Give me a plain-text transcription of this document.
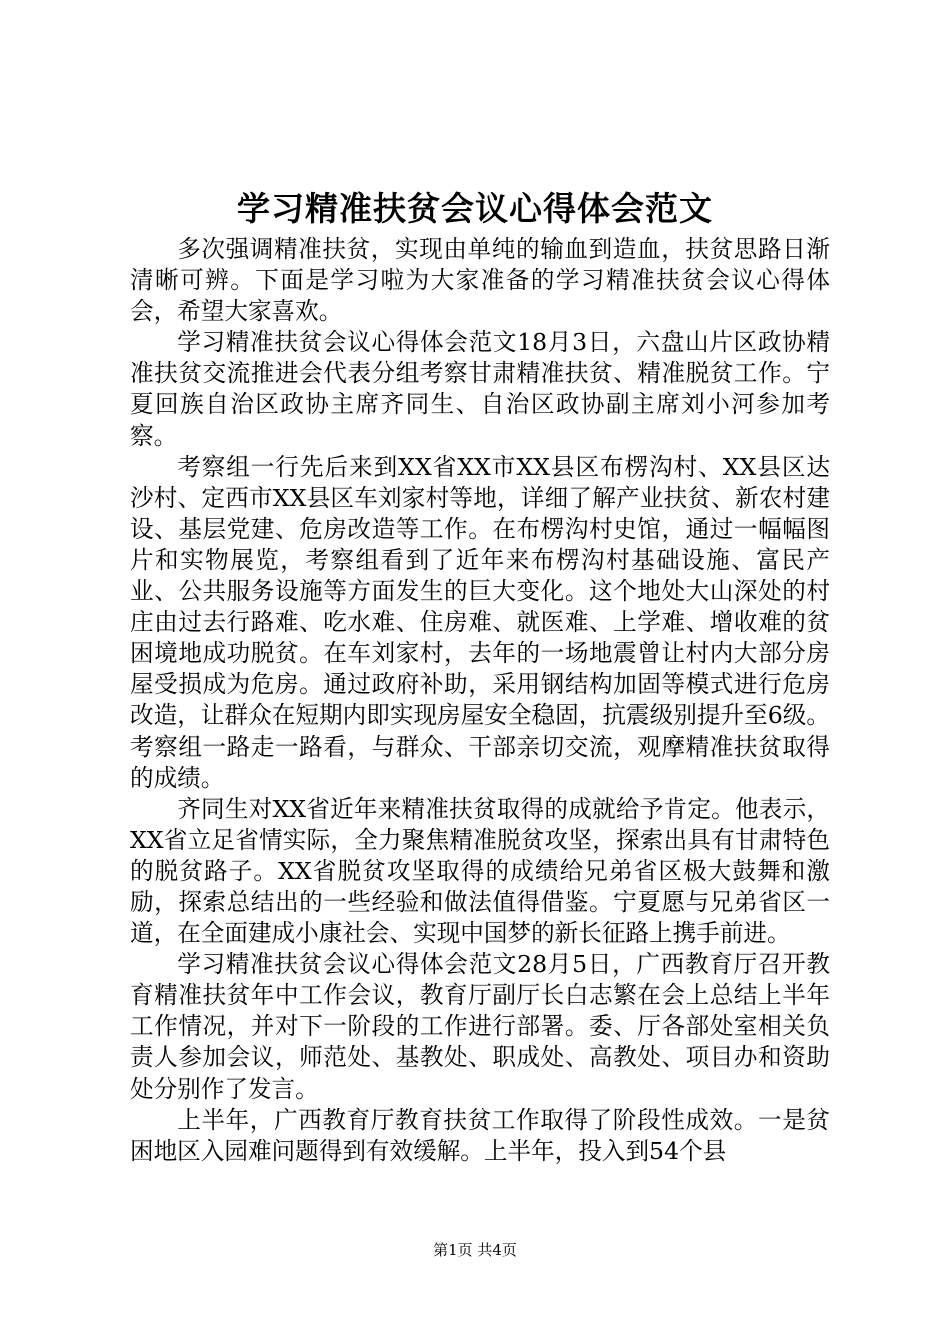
学习精准扶贫会议心得体会范文

多次强调精准扶贫，实现由单纯的输血到造血，扶贫思路日渐清晰可辨。下面是学习啦为大家准备的学习精准扶贫会议心得体会，希望大家喜欢。

学习精准扶贫会议心得体会范文18月3日，六盘山片区政协精准扶贫交流推进会代表分组考察甘肃精准扶贫、精准脱贫工作。宁夏回族自治区政协主席齐同生、自治区政协副主席刘小河参加考察。

考察组一行先后来到XX省XX市XX县区布楞沟村、XX县区达沙村、定西市XX县区车刘家村等地，详细了解产业扶贫、新农村建设、基层党建、危房改造等工作。在布楞沟村史馆，通过一幅幅图片和实物展览，考察组看到了近年来布楞沟村基础设施、富民产业、公共服务设施等方面发生的巨大变化。这个地处大山深处的村庄由过去行路难、吃水难、住房难、就医难、上学难、增收难的贫困境地成功脱贫。在车刘家村，去年的一场地震曾让村内大部分房屋受损成为危房。通过政府补助，采用钢结构加固等模式进行危房改造，让群众在短期内即实现房屋安全稳固，抗震级别提升至6级。考察组一路走一路看，与群众、干部亲切交流，观摩精准扶贫取得的成绩。

齐同生对XX省近年来精准扶贫取得的成就给予肯定。他表示，XX省立足省情实际，全力聚焦精准脱贫攻坚，探索出具有甘肃特色的脱贫路子。XX省脱贫攻坚取得的成绩给兄弟省区极大鼓舞和激励，探索总结出的一些经验和做法值得借鉴。宁夏愿与兄弟省区一道，在全面建成小康社会、实现中国梦的新长征路上携手前进。

学习精准扶贫会议心得体会范文28月5日，广西教育厅召开教育精准扶贫年中工作会议，教育厅副厅长白志繁在会上总结上半年工作情况，并对下一阶段的工作进行部署。委、厅各部处室相关负责人参加会议，师范处、基教处、职成处、高教处、项目办和资助处分别作了发言。

上半年，广西教育厅教育扶贫工作取得了阶段性成效。一是贫困地区入园难问题得到有效缓解。上半年，投入到54个县

第1页 共4页
